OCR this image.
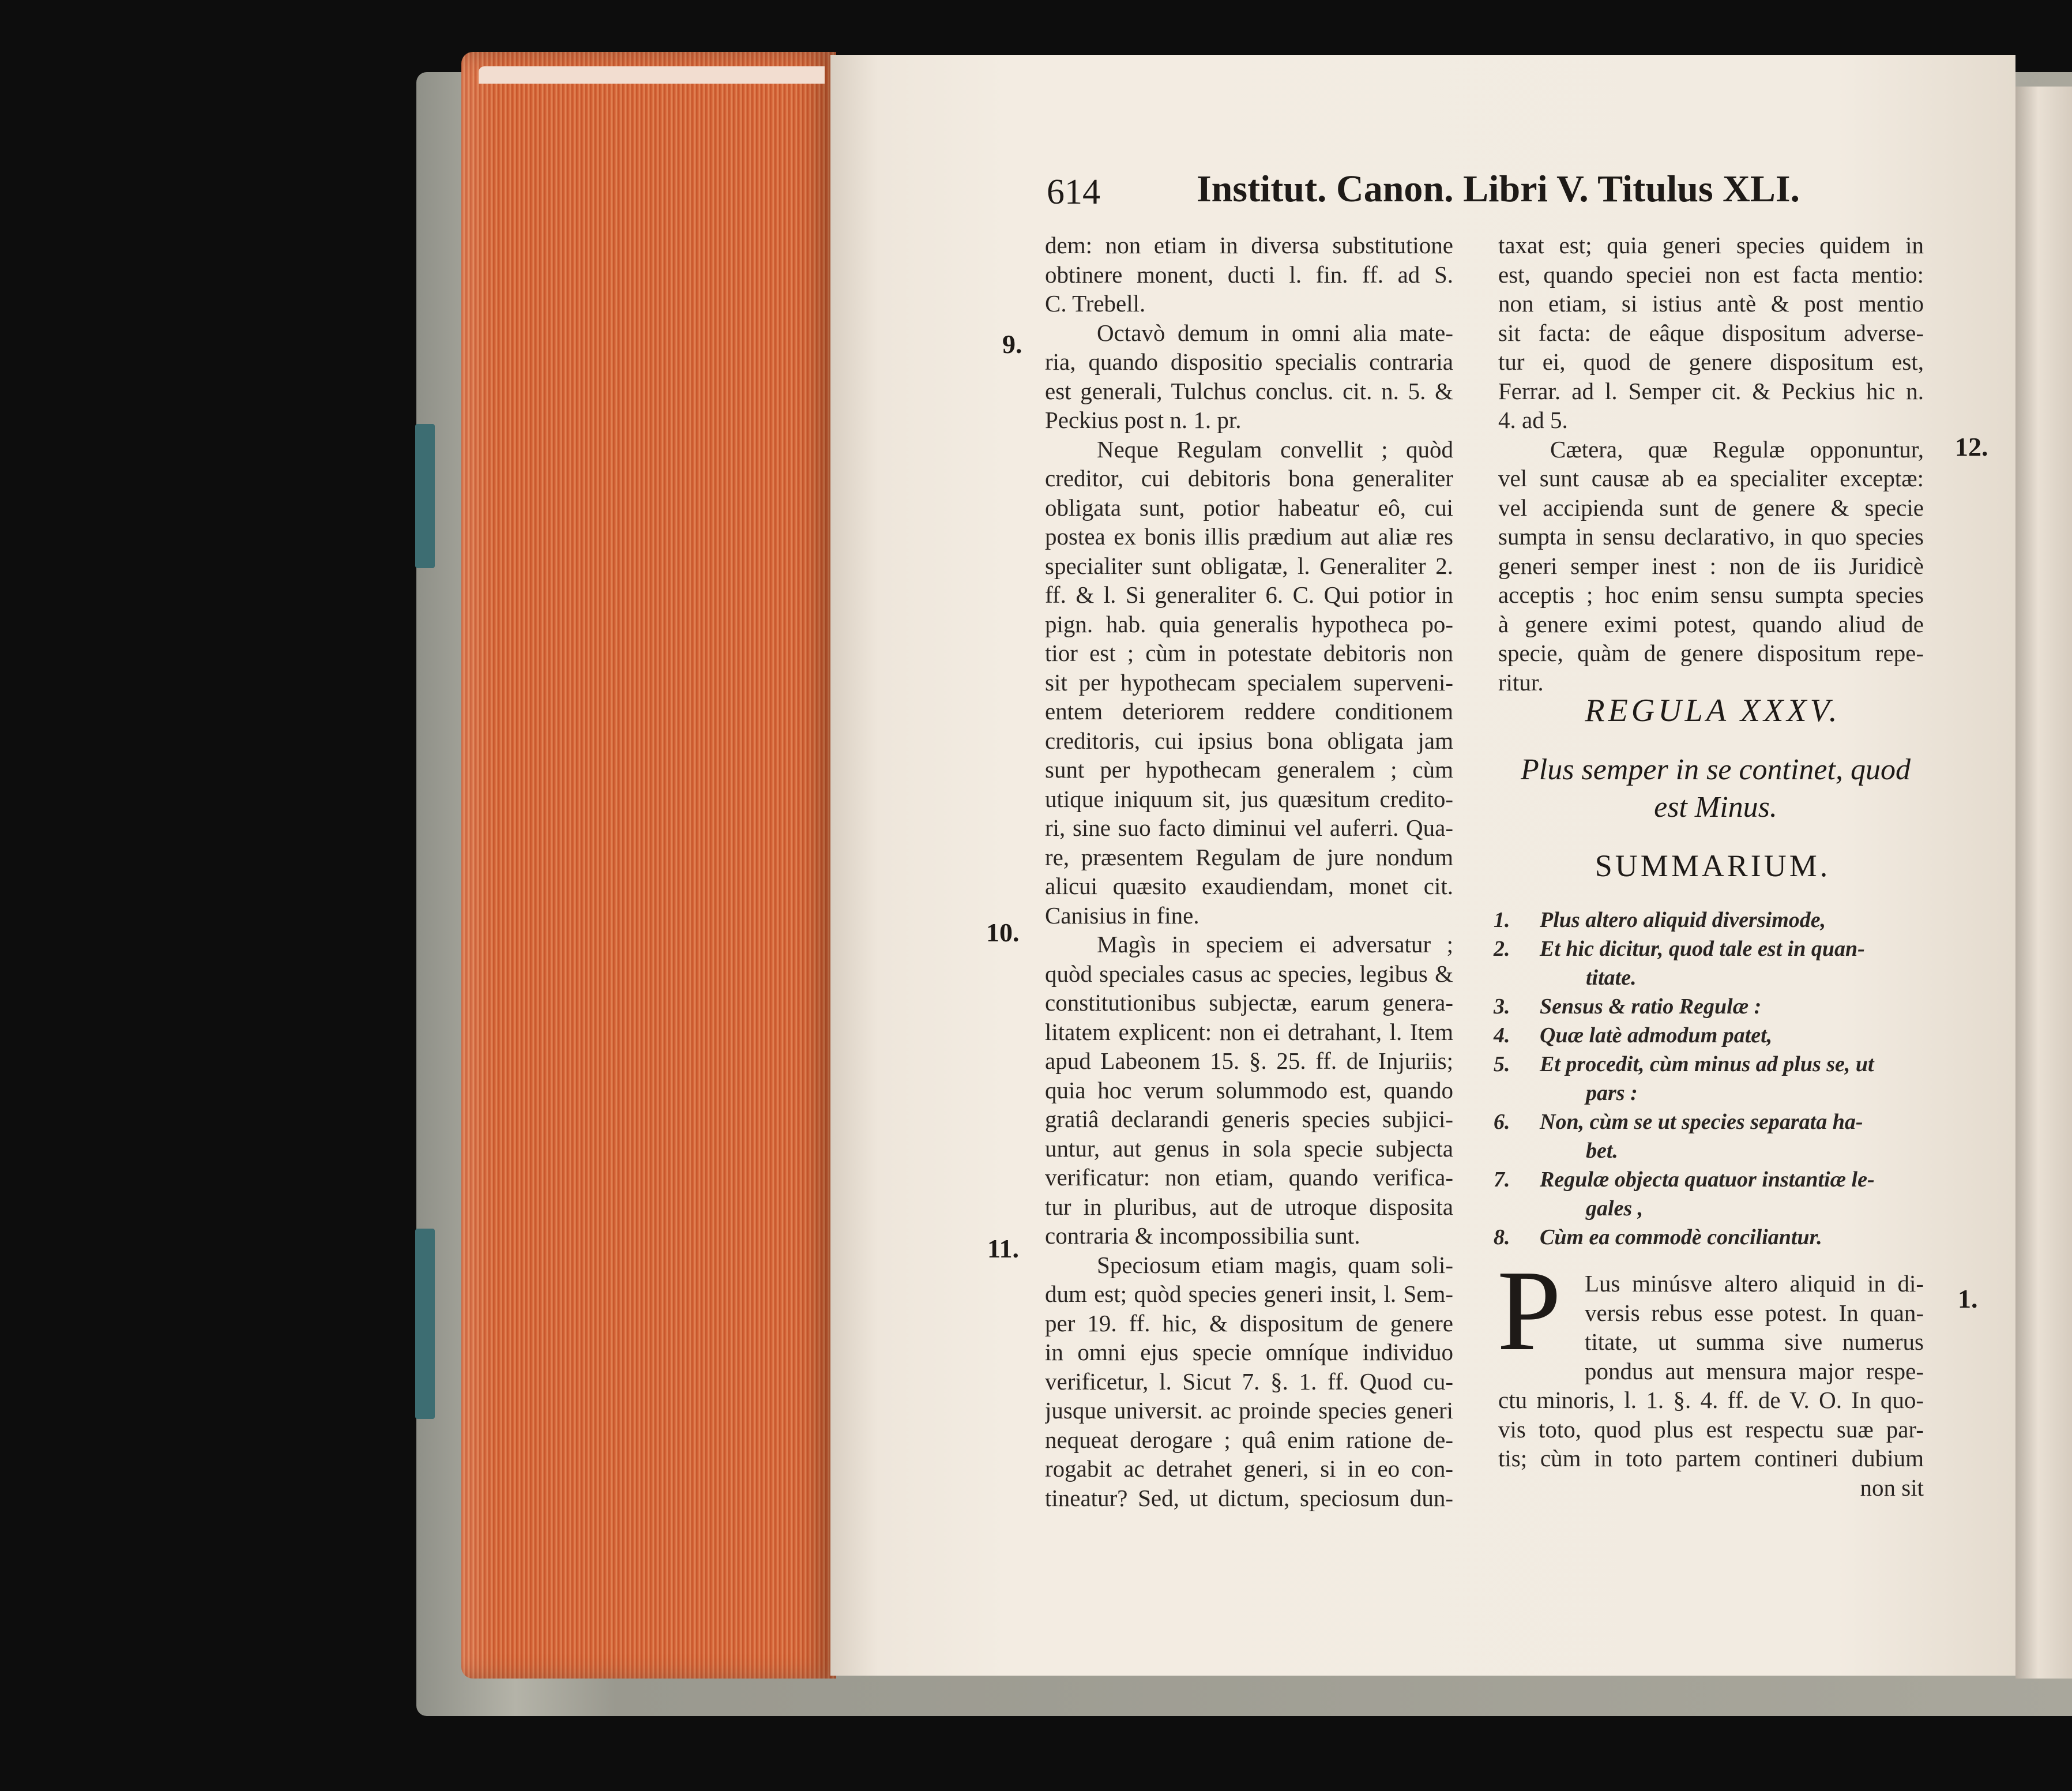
614	Institut. Canon. Libri V. Titulus XLI.
dem: non etiam in diversa substitutione
obtinere monent, ducti l. fin. ff. ad S.
C. Trebell.
Octavò demum in omni alia mate-
ria, quando dispositio specialis contraria
est generali, Tulchus conclus. cit. n. 5. &
Peckius post n. 1. pr.
Neque Regulam convellit ; quòd
creditor, cui debitoris bona generaliter
obligata sunt, potior habeatur eô, cui
postea ex bonis illis prædium aut aliæ res
specialiter sunt obligatæ, l. Generaliter 2.
ff. & l. Si generaliter 6. C. Qui potior in
pign. hab. quia generalis hypotheca po-
tior est ; cùm in potestate debitoris non
sit per hypothecam specialem superveni-
entem deteriorem reddere conditionem
creditoris, cui ipsius bona obligata jam
sunt per hypothecam generalem ; cùm
utique iniquum sit, jus quæsitum credito-
ri, sine suo facto diminui vel auferri. Qua-
re, præsentem Regulam de jure nondum
alicui quæsito exaudiendam, monet cit.
Canisius in fine.
Magìs in speciem ei adversatur ;
quòd speciales casus ac species, legibus &
constitutionibus subjectæ, earum genera-
litatem explicent: non ei detrahant, l. Item
apud Labeonem 15. §. 25. ff. de Injuriis;
quia hoc verum solummodo est, quando
gratiâ declarandi generis species subjici-
untur, aut genus in sola specie subjecta
verificatur: non etiam, quando verifica-
tur in pluribus, aut de utroque disposita
contraria & incompossibilia sunt.
Speciosum etiam magis, quam soli-
dum est; quòd species generi insit, l. Sem-
per 19. ff. hic, & dispositum de genere
in omni ejus specie omníque individuo
verificetur, l. Sicut 7. §. 1. ff. Quod cu-
jusque universit. ac proinde species generi
nequeat derogare ; quâ enim ratione de-
rogabit ac detrahet generi, si in eo con-
tineatur? Sed, ut dictum, speciosum dun-
9.
10.
11.
12.
1.
taxat est; quia generi species quidem in
est, quando speciei non est facta mentio:
non etiam, si istius antè & post mentio
sit facta: de eâque dispositum adverse-
tur ei, quod de genere dispositum est,
Ferrar. ad l. Semper cit. & Peckius hic n.
4. ad 5.
Cætera, quæ Regulæ opponuntur,
vel sunt causæ ab ea specialiter exceptæ:
vel accipienda sunt de genere & specie
sumpta in sensu declarativo, in quo species
generi semper inest : non de iis Juridicè
acceptis ; hoc enim sensu sumpta species
à genere eximi potest, quando aliud de
specie, quàm de genere dispositum repe-
ritur.
REGULA XXXV.
Plus semper in se continet, quod
est Minus.
SUMMARIUM.
1. Plus altero aliquid diversimode,
2. Et hic dicitur, quod tale est in quan-
titate.
3. Sensus & ratio Regulæ :
4. Quæ latè admodum patet,
5. Et procedit, cùm minus ad plus se, ut
pars :
6. Non, cùm se ut species separata ha-
bet.
7. Regulæ objecta quatuor instantiæ le-
gales ,
8. Cùm ea commodè conciliantur.
P Lus minúsve altero aliquid in di-
versis rebus esse potest. In quan-
titate, ut summa sive numerus
pondus aut mensura major respe-
ctu minoris, l. 1. §. 4. ff. de V. O. In quo-
vis toto, quod plus est respectu suæ par-
tis; cùm in toto partem contineri dubium
non sit
